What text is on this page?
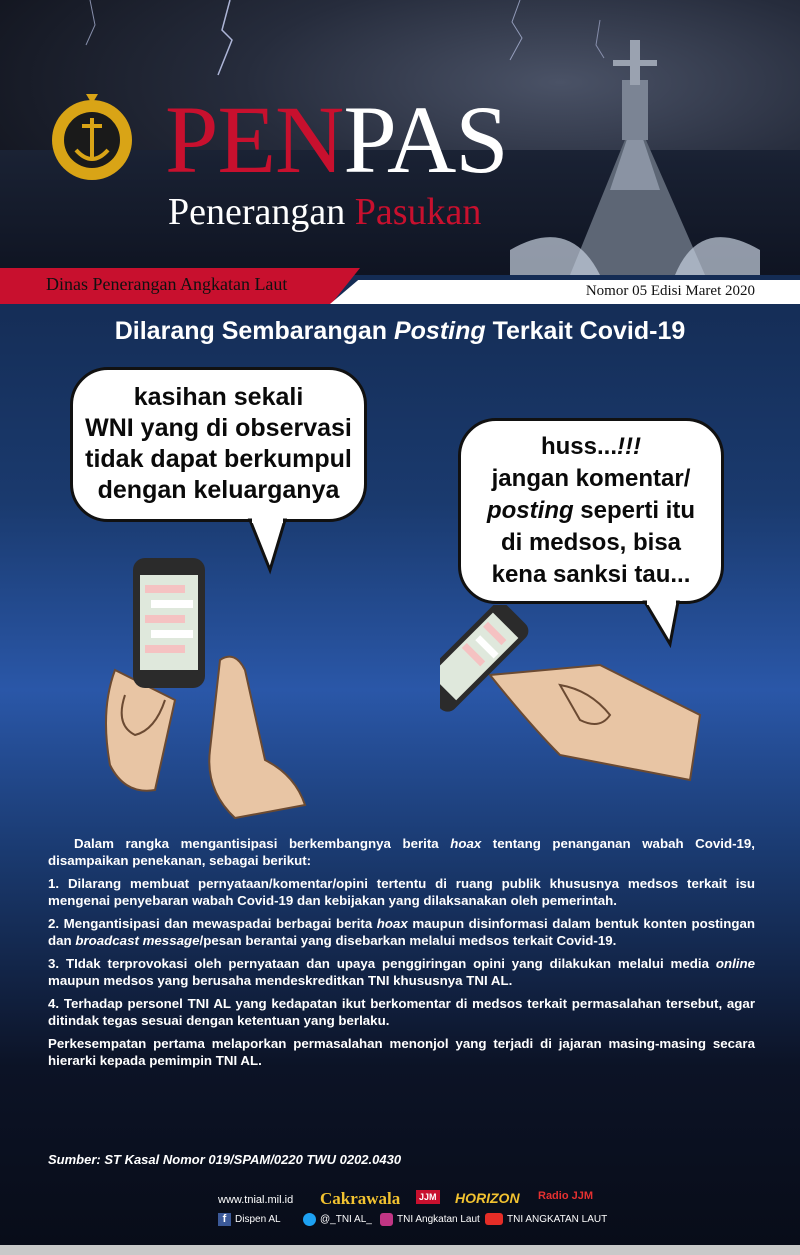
PENPAS
Penerangan Pasukan
Dinas Penerangan Angkatan Laut	Nomor 05 Edisi Maret 2020
Dilarang Sembarangan Posting Terkait Covid-19
kasihan sekali
WNI yang di observasi
tidak dapat berkumpul
dengan keluarganya
huss...!!!
jangan komentar/
posting seperti itu
di medsos, bisa
kena sanksi tau...

Dalam rangka mengantisipasi berkembangnya berita hoax tentang penanganan wabah Covid-19, disampaikan penekanan, sebagai berikut:

1. Dilarang membuat pernyataan/komentar/opini tertentu di ruang publik khususnya medsos terkait isu mengenai penyebaran wabah Covid-19 dan kebijakan yang dilaksanakan oleh pemerintah.

2. Mengantisipasi dan mewaspadai berbagai berita hoax maupun disinformasi dalam bentuk konten postingan dan broadcast message/pesan berantai yang disebarkan melalui medsos terkait Covid-19.

3. TIdak terprovokasi oleh pernyataan dan upaya penggiringan opini yang dilakukan melalui media online maupun medsos yang berusaha mendeskreditkan TNI khususnya TNI AL.

4. Terhadap personel TNI AL yang kedapatan ikut berkomentar di medsos terkait permasalahan tersebut, agar ditindak tegas sesuai dengan ketentuan yang berlaku.

Perkesempatan pertama melaporkan permasalahan menonjol yang terjadi di jajaran masing-masing secara hierarki kepada pemimpin TNI AL.

Sumber: ST Kasal Nomor 019/SPAM/0220 TWU 0202.0430
www.tnial.mil.id Cakrawala	JJM HORIZON Radio JJM
f Dispen AL	@_TNI AL_	TNI Angkatan Laut	TNI ANGKATAN LAUT
